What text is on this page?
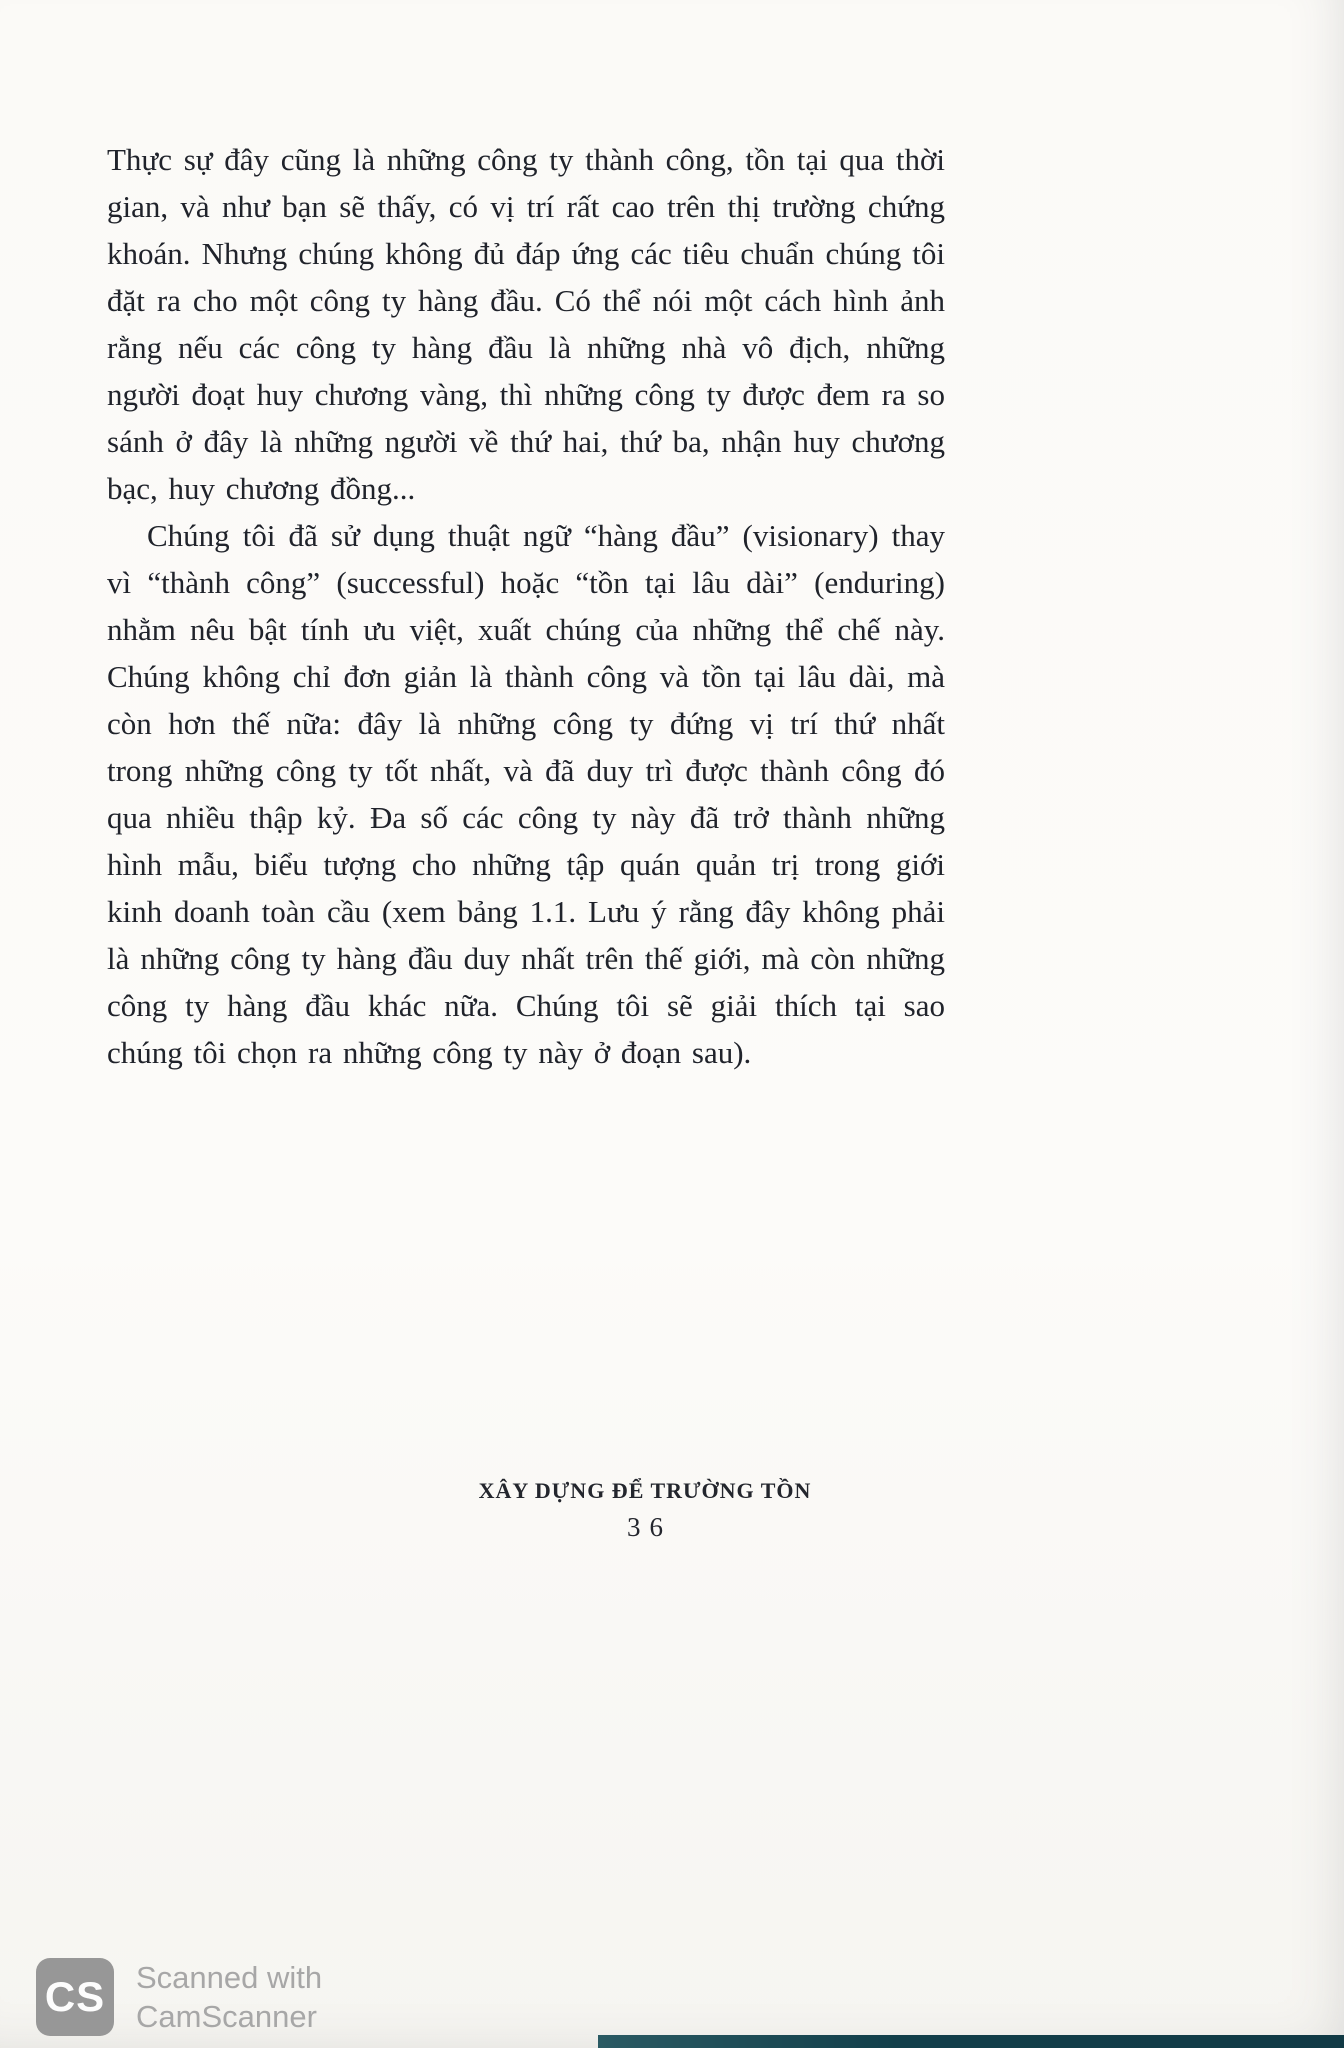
Thực sự đây cũng là những công ty thành công, tồn tại qua thời gian, và như bạn sẽ thấy, có vị trí rất cao trên thị trường chứng khoán. Nhưng chúng không đủ đáp ứng các tiêu chuẩn chúng tôi đặt ra cho một công ty hàng đầu. Có thể nói một cách hình ảnh rằng nếu các công ty hàng đầu là những nhà vô địch, những người đoạt huy chương vàng, thì những công ty được đem ra so sánh ở đây là những người về thứ hai, thứ ba, nhận huy chương bạc, huy chương đồng...

Chúng tôi đã sử dụng thuật ngữ “hàng đầu” (visionary) thay vì “thành công” (successful) hoặc “tồn tại lâu dài” (enduring) nhằm nêu bật tính ưu việt, xuất chúng của những thể chế này. Chúng không chỉ đơn giản là thành công và tồn tại lâu dài, mà còn hơn thế nữa: đây là những công ty đứng vị trí thứ nhất trong những công ty tốt nhất, và đã duy trì được thành công đó qua nhiều thập kỷ. Đa số các công ty này đã trở thành những hình mẫu, biểu tượng cho những tập quán quản trị trong giới kinh doanh toàn cầu (xem bảng 1.1. Lưu ý rằng đây không phải là những công ty hàng đầu duy nhất trên thế giới, mà còn những công ty hàng đầu khác nữa. Chúng tôi sẽ giải thích tại sao chúng tôi chọn ra những công ty này ở đoạn sau).

XÂY DỰNG ĐỂ TRƯỜNG TỒN
36
CS Scanned with
CamScanner
